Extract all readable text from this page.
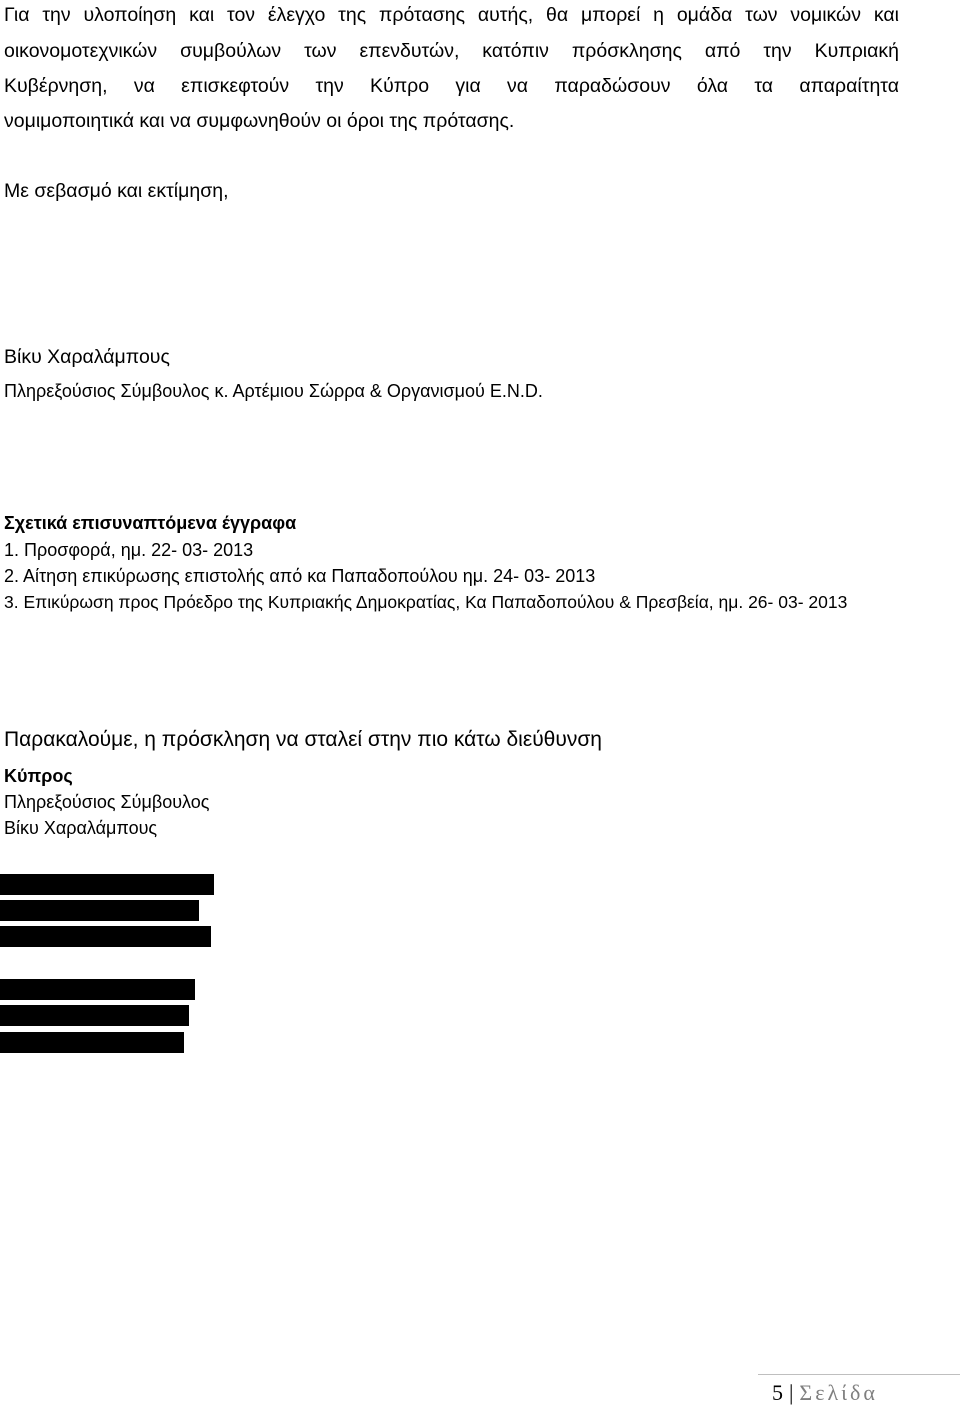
Για την υλοποίηση και τον έλεγχο της πρότασης αυτής, θα μπορεί η ομάδα των νομικών και
οικονομοτεχνικών συμβούλων των επενδυτών, κατόπιν πρόσκλησης από την Κυπριακή
Κυβέρνηση, να επισκεφτούν την Κύπρο για να παραδώσουν όλα τα απαραίτητα
νομιμοποιητικά και να συμφωνηθούν οι όροι της πρότασης.
Με σεβασμό και εκτίμηση,
Βίκυ Χαραλάμπους
Πληρεξούσιος Σύμβουλος κ. Αρτέμιου Σώρρα & Οργανισμού E.N.D.
Σχετικά επισυναπτόμενα έγγραφα
1. Προσφορά, ημ. 22- 03- 2013
2. Αίτηση επικύρωσης επιστολής από κα Παπαδοπούλου ημ. 24- 03- 2013
3. Επικύρωση προς Πρόεδρο της Κυπριακής Δημοκρατίας, Κα Παπαδοπούλου & Πρεσβεία, ημ. 26- 03- 2013
Παρακαλούμε, η πρόσκληση να σταλεί στην πιο κάτω διεύθυνση
Κύπρος
Πληρεξούσιος Σύμβουλος
Βίκυ Χαραλάμπους
5 | Σελίδα
